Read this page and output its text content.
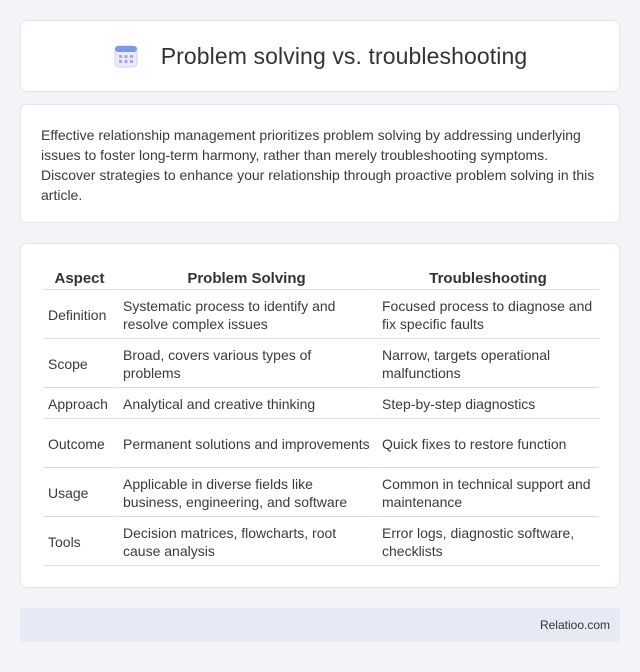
Problem solving vs. troubleshooting

Effective relationship management prioritizes problem solving by addressing underlying issues to foster long-term harmony, rather than merely troubleshooting symptoms. Discover strategies to enhance your relationship through proactive problem solving in this article.

Aspect	Problem Solving	Troubleshooting
Definition	Systematic process to identify and resolve complex issues	Focused process to diagnose and fix specific faults
Scope	Broad, covers various types of problems	Narrow, targets operational malfunctions
Approach	Analytical and creative thinking	Step-by-step diagnostics
Outcome	Permanent solutions and improvements	Quick fixes to restore function
Usage	Applicable in diverse fields like business, engineering, and software	Common in technical support and maintenance
Tools	Decision matrices, flowcharts, root cause analysis	Error logs, diagnostic software, checklists
Relatioo.com
